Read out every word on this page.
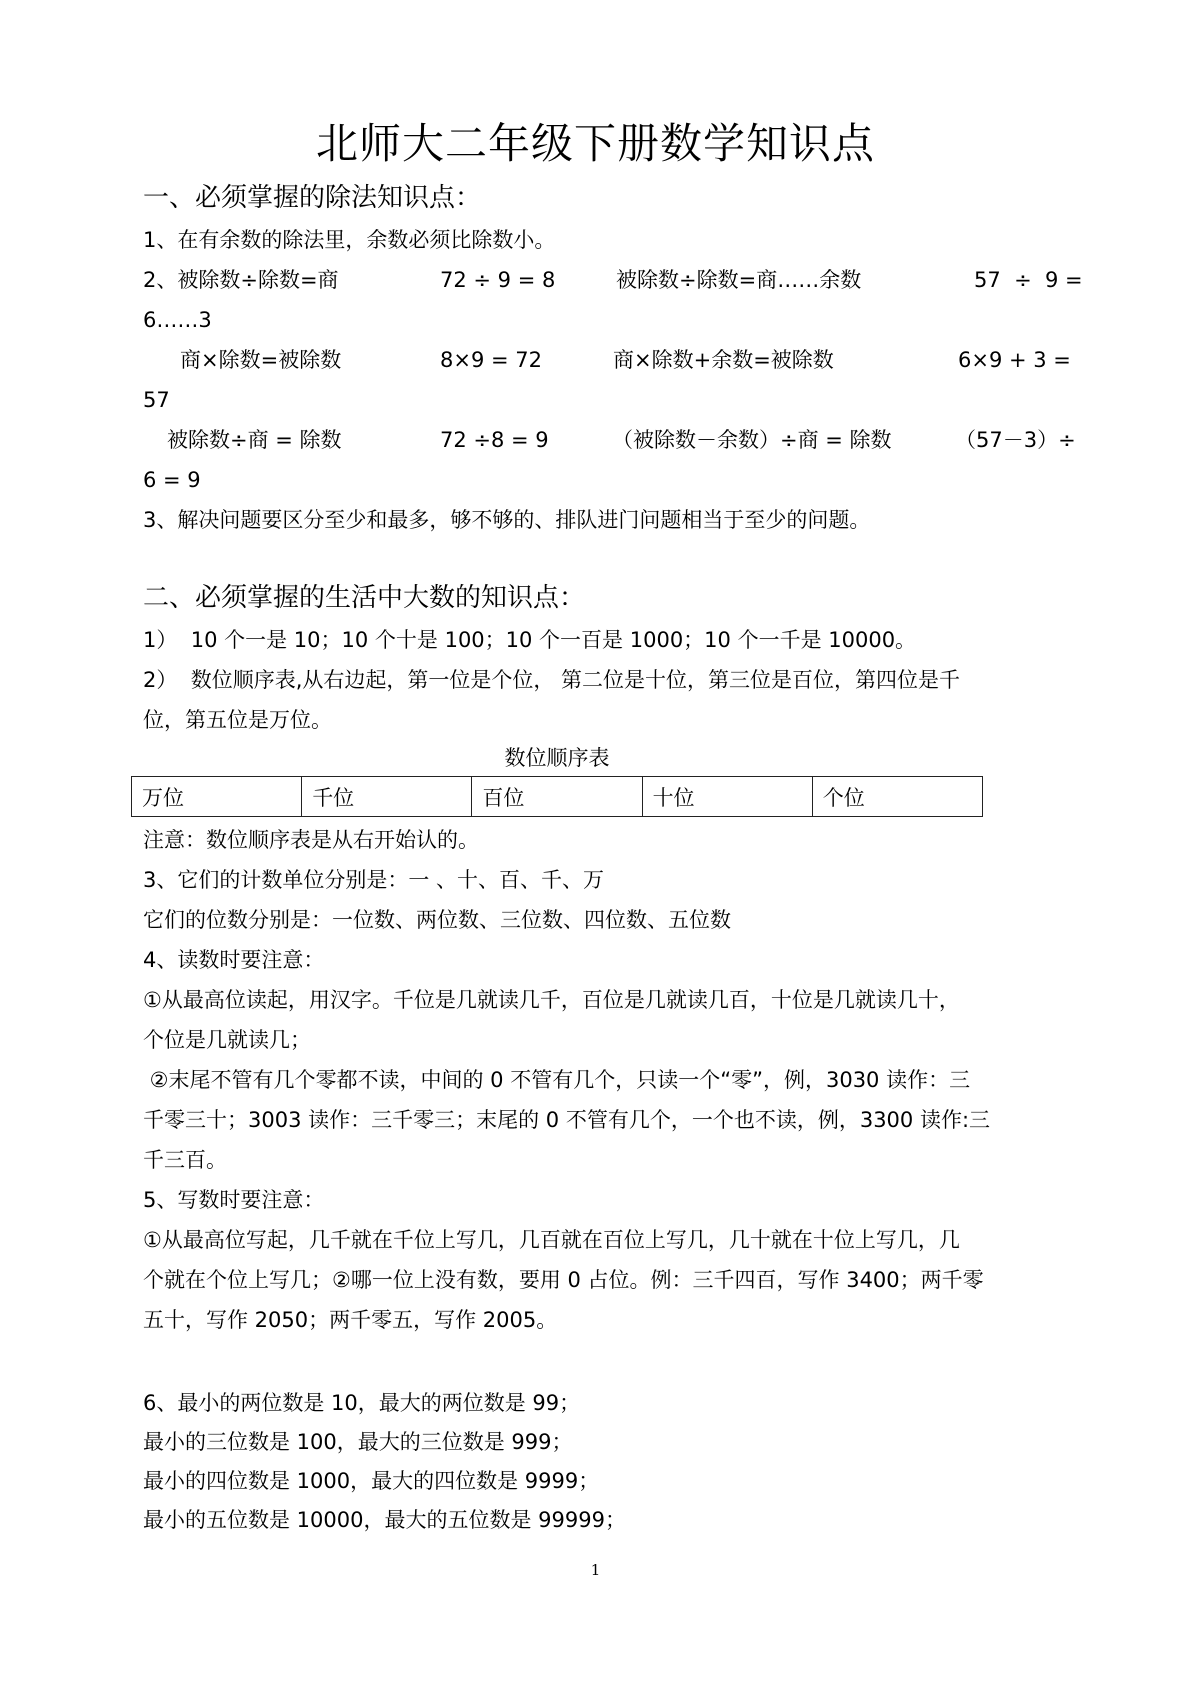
北师大二年级下册数学知识点
一、必须掌握的除法知识点：
1、在有余数的除法里，余数必须比除数小。
2、被除数÷除数=商	72 ÷ 9 = 8	被除数÷除数=商……余数	57  ÷  9 =
6……3
商×除数=被除数	8×9 = 72	商×除数+余数=被除数	6×9 + 3 =
57
被除数÷商 = 除数	72 ÷8 = 9	（被除数－余数）÷商 = 除数	（57－3）÷
6 = 9
3、解决问题要区分至少和最多，够不够的、排队进门问题相当于至少的问题。
二、必须掌握的生活中大数的知识点：
1）  10 个一是 10；10 个十是 100；10 个一百是 1000；10 个一千是 10000。
2）  数位顺序表,从右边起，第一位是个位， 第二位是十位，第三位是百位，第四位是千
位，第五位是万位。
数位顺序表
万位	千位	百位	十位	个位
注意：数位顺序表是从右开始认的。
3、它们的计数单位分别是：一 、十、百、千、万
它们的位数分别是：一位数、两位数、三位数、四位数、五位数
4、读数时要注意：
①从最高位读起，用汉字。千位是几就读几千，百位是几就读几百，十位是几就读几十，
个位是几就读几；
②末尾不管有几个零都不读，中间的 0 不管有几个，只读一个“零”，例，3030 读作：三
千零三十；3003 读作：三千零三；末尾的 0 不管有几个，一个也不读，例，3300 读作:三
千三百。
5、写数时要注意：
①从最高位写起，几千就在千位上写几，几百就在百位上写几，几十就在十位上写几，几
个就在个位上写几；②哪一位上没有数，要用 0 占位。例：三千四百，写作 3400；两千零
五十，写作 2050；两千零五，写作 2005。
6、最小的两位数是 10，最大的两位数是 99；
最小的三位数是 100，最大的三位数是 999；
最小的四位数是 1000，最大的四位数是 9999；
最小的五位数是 10000，最大的五位数是 99999；
1
